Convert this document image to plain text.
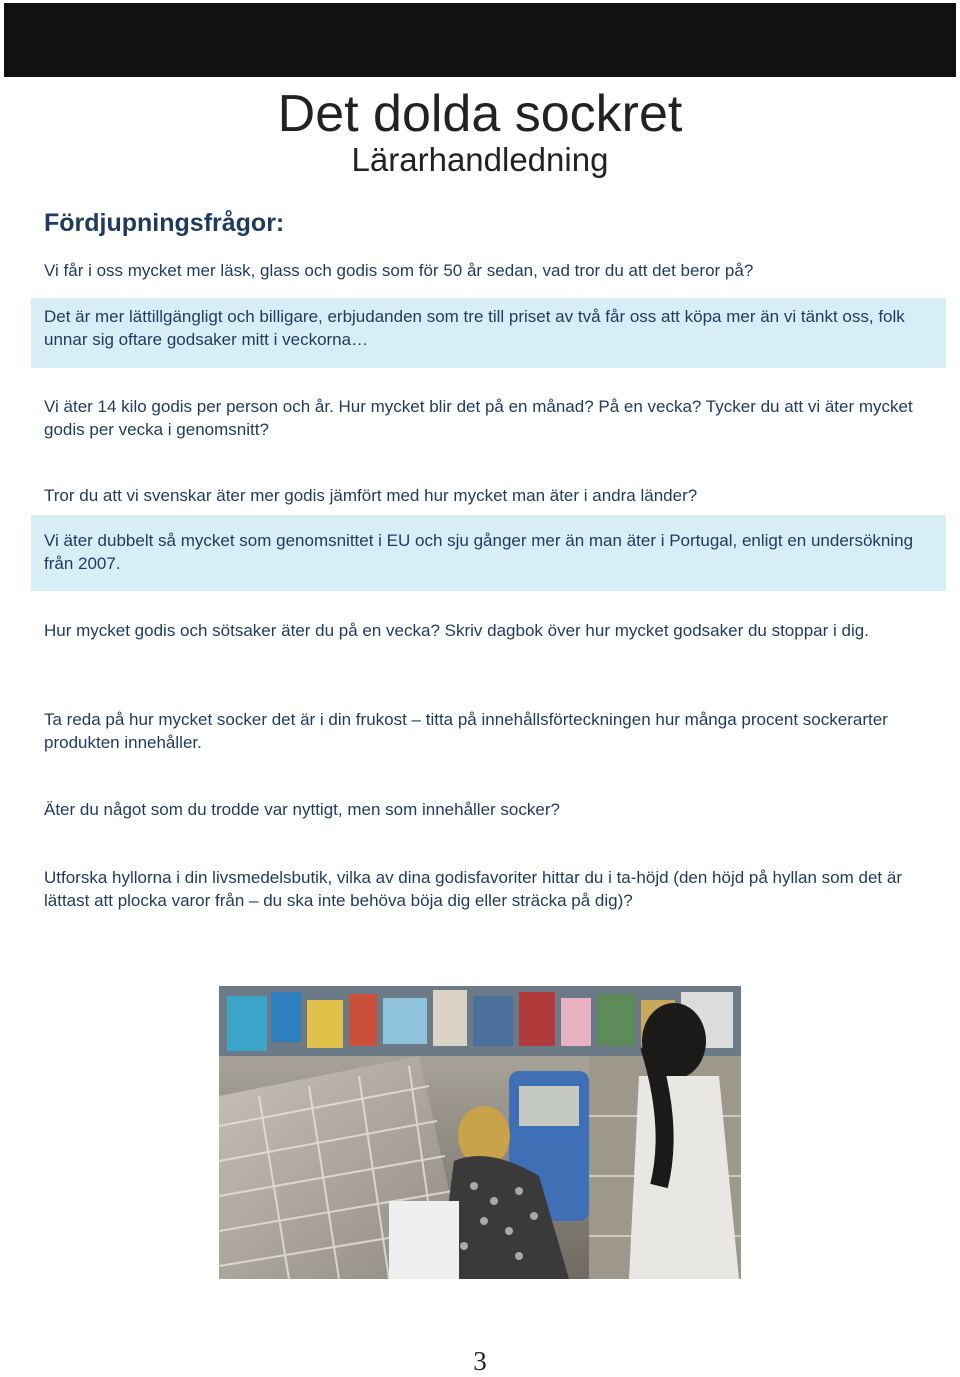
Det dolda sockret
Lärarhandledning
Fördjupningsfrågor:
Vi får i oss mycket mer läsk, glass och godis som för 50 år sedan, vad tror du att det beror på?
Det är mer lättillgängligt och billigare, erbjudanden som tre till priset av två får oss att köpa mer än vi tänkt oss, folk unnar sig oftare godsaker mitt i veckorna…
Vi äter 14 kilo godis per person och år. Hur mycket blir det på en månad? På en vecka? Tycker du att vi äter mycket godis per vecka i genomsnitt?
Tror du att vi svenskar äter mer godis jämfört med hur mycket man äter i andra länder?
Vi äter dubbelt så mycket som genomsnittet i EU och sju gånger mer än man äter i Portugal, enligt en undersökning från 2007.
Hur mycket godis och sötsaker äter du på en vecka? Skriv dagbok över hur mycket godsaker du stoppar i dig.
Ta reda på hur mycket socker det är i din frukost – titta på innehållsförteckningen hur många procent sockerarter produkten innehåller.
Äter du något som du trodde var nyttigt, men som innehåller socker?
Utforska hyllorna i din livsmedelsbutik, vilka av dina godisfavoriter hittar du i ta-höjd (den höjd på hyllan som det är lättast att plocka varor från – du ska inte behöva böja dig eller sträcka på dig)?
3
